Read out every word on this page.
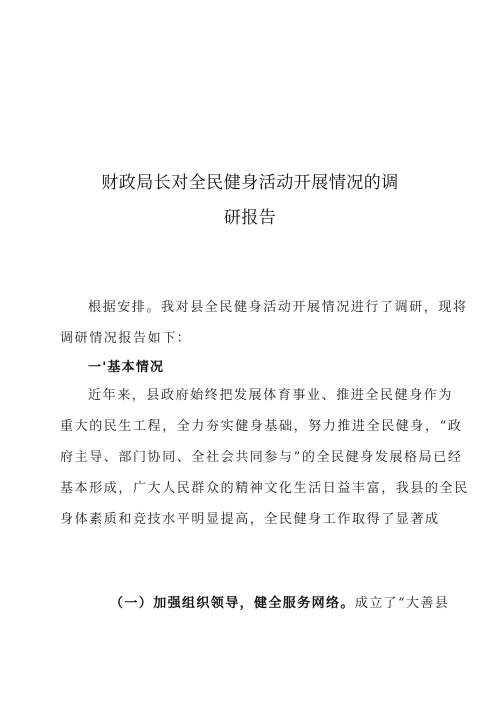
财政局长对全民健身活动开展情况的调
研报告
根据安排。我对县全民健身活动开展情况进行了调研，现将
调研情况报告如下：
一'基本情况
近年来，县政府始终把发展体育事业、推进全民健身作为
重大的民生工程，全力夯实健身基础，努力推进全民健身，“政
府主导、部门协同、全社会共同参与”的全民健身发展格局已经
基本形成，广大人民群众的精神文化生活日益丰富，我县的全民
身体素质和竞技水平明显提高，全民健身工作取得了显著成
（一）加强组织领导，健全服务网络。成立了“大善县
